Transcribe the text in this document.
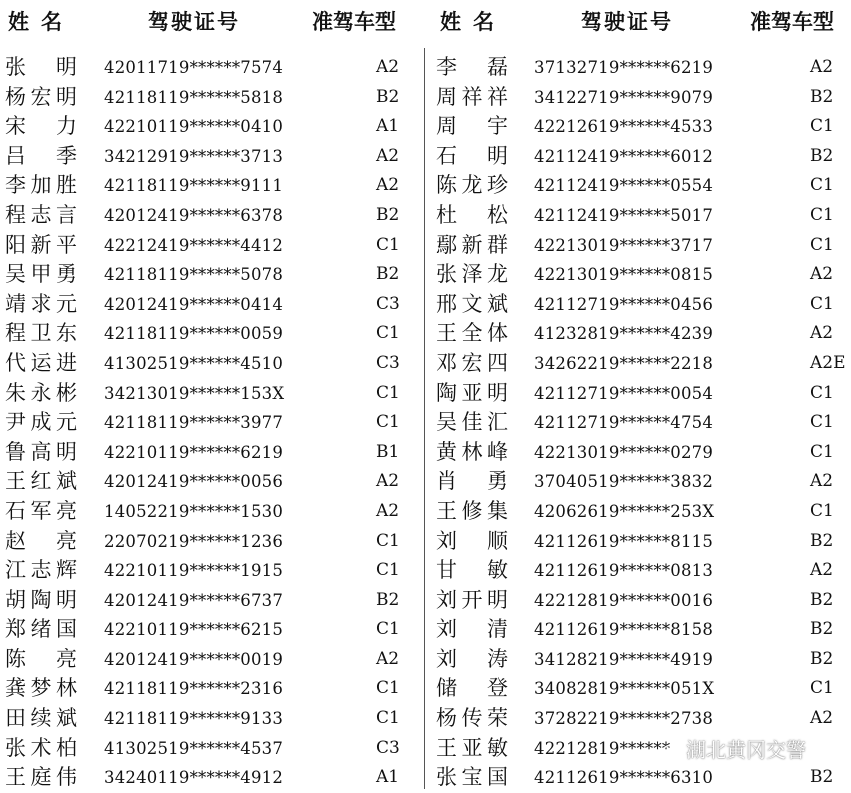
姓名	驾驶证号	准驾车型
张明 42011719******7574	A2
杨宏明 42118119******5818	B2
宋力 42210119******0410	A1
吕季 34212919******3713	A2
李加胜 42118119******9111	A2
程志言 42012419******6378	B2
阳新平 42212419******4412	C1
吴甲勇 42118119******5078	B2
靖求元 42012419******0414	C3
程卫东 42118119******0059	C1
代运进 41302519******4510	C3
朱永彬 34213019******153X	C1
尹成元 42118119******3977	C1
鲁高明 42210119******6219	B1
王红斌 42012419******0056	A2
石军亮 14052219******1530	A2
赵亮 22070219******1236	C1
江志辉 42210119******1915	C1
胡陶明 42012419******6737	B2
郑绪国 42210119******6215	C1
陈亮 42012419******0019	A2
龚梦林 42118119******2316	C1
田续斌 42118119******9133	C1
张术柏 41302519******4537	C3
王庭伟 34240119******4912	A1
姓名	驾驶证号	准驾车型
李磊 37132719******6219	A2
周祥祥 34122719******9079	B2
周宇 42212619******4533	C1
石明 42112419******6012	B2
陈龙珍 42112419******0554	C1
杜松 42112419******5017	C1
鄢新群 42213019******3717	C1
张泽龙 42213019******0815	A2
邢文斌 42112719******0456	C1
王全体 41232819******4239	A2
邓宏四 34262219******2218	A2E
陶亚明 42112719******0054	C1
吴佳汇 42112719******4754	C1
黄林峰 42213019******0279	C1
肖勇 37040519******3832	A2
王修集 42062619******253X	C1
刘顺 42112619******8115	B2
甘敏 42112619******0813	A2
刘开明 42212819******0016	B2
刘清 42112619******8158	B2
刘涛 34128219******4919	B2
储登 34082819******051X	C1
杨传荣 37282219******2738	A2
王亚敏 42212819******
张宝国 42112619******6310	B2
湖北黄冈交警
